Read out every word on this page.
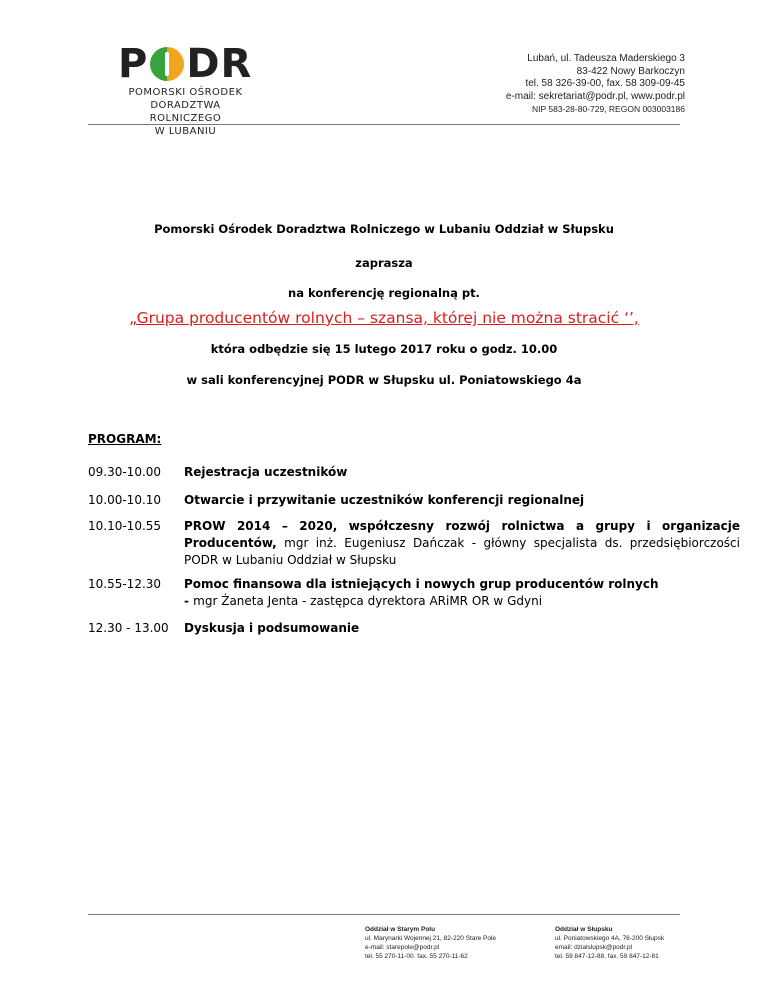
P D R
POMORSKI OŚRODEK
DORADZTWA ROLNICZEGO
W LUBANIU
Lubań, ul. Tadeusza Maderskiego 3
83-422 Nowy Barkoczyn
tel. 58 326-39-00, fax. 58 309-09-45
e-mail: sekretariat@podr.pl, www.podr.pl
NIP 583-28-80-729, REGON 003003186
Pomorski Ośrodek Doradztwa Rolniczego w Lubaniu Oddział w Słupsku
zaprasza
na konferencję regionalną pt.
„Grupa producentów rolnych – szansa, której nie można stracić ‘’,
która odbędzie się 15 lutego 2017 roku o godz. 10.00
w sali konferencyjnej PODR w Słupsku ul. Poniatowskiego 4a
PROGRAM:
09.30-10.00 Rejestracja uczestników
10.00-10.10 Otwarcie i przywitanie uczestników konferencji regionalnej
10.10-10.55 PROW 2014 – 2020, współczesny rozwój rolnictwa a grupy i organizacje Producentów, mgr inż. Eugeniusz Dańczak - główny specjalista ds. przedsiębiorczości PODR w Lubaniu Oddział w Słupsku
10.55-12.30 Pomoc finansowa dla istniejących i nowych grup producentów rolnych
- mgr Żaneta Jenta - zastępca dyrektora ARiMR OR w Gdyni
12.30 - 13.00 Dyskusja i podsumowanie
Oddział w Starym Polu
ul. Marynarki Wojennej 21, 82-220 Stare Pole
e-mail: starepole@podr.pl
tel. 55 270-11-00. fax. 55 270-11-62
Oddział w Słupsku
ul. Poniatowskiego 4A, 76-200 Słupsk
email: dzialslupsk@podr.pl
tel. 59 847-12-88, fax. 59 847-12-81
